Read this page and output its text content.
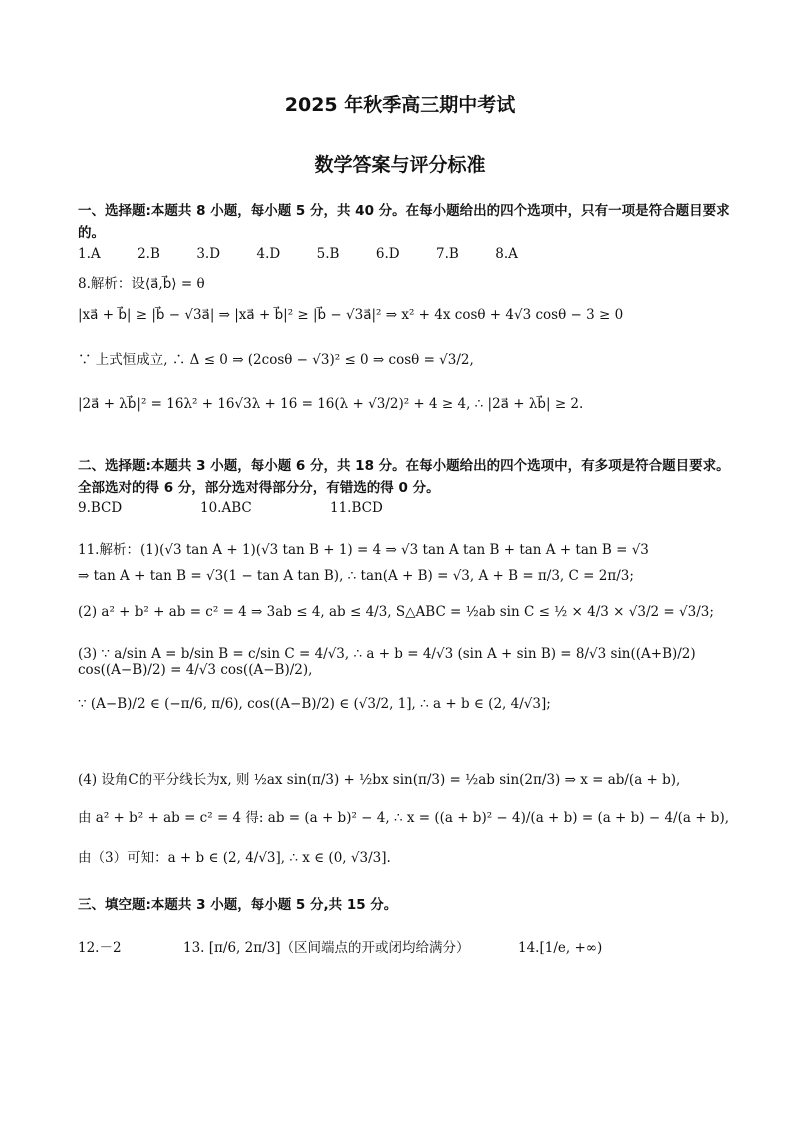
2025 年秋季高三期中考试
数学答案与评分标准
一、选择题:本题共 8 小题，每小题 5 分，共 40 分。在每小题给出的四个选项中，只有一项是符合题目要求的。
1.A	2.B	3.D	4.D	5.B	6.D	7.B	8.A
8.解析：设⟨a⃗,b⃗⟩ = θ
|xa⃗ + b⃗| ≥ |b⃗ − √3a⃗| ⇒ |xa⃗ + b⃗|² ≥ |b⃗ − √3a⃗|² ⇒ x² + 4x cosθ + 4√3 cosθ − 3 ≥ 0
∵ 上式恒成立, ∴ Δ ≤ 0 ⇒ (2cosθ − √3)² ≤ 0 ⇒ cosθ = √3/2,
|2a⃗ + λb⃗|² = 16λ² + 16√3λ + 16 = 16(λ + √3/2)² + 4 ≥ 4, ∴ |2a⃗ + λb⃗| ≥ 2.
二、选择题:本题共 3 小题，每小题 6 分，共 18 分。在每小题给出的四个选项中，有多项是符合题目要求。全部选对的得 6 分，部分选对得部分分，有错选的得 0 分。
9.BCD	10.ABC	11.BCD
11.解析：(1)(√3 tan A + 1)(√3 tan B + 1) = 4 ⇒ √3 tan A tan B + tan A + tan B = √3
⇒ tan A + tan B = √3(1 − tan A tan B), ∴ tan(A + B) = √3, A + B = π/3, C = 2π/3;
(2) a² + b² + ab = c² = 4 ⇒ 3ab ≤ 4, ab ≤ 4/3, S△ABC = ½ab sin C ≤ ½ × 4/3 × √3/2 = √3/3;
(3) ∵ a/sin A = b/sin B = c/sin C = 4/√3, ∴ a + b = 4/√3 (sin A + sin B) = 8/√3 sin((A+B)/2) cos((A−B)/2) = 4/√3 cos((A−B)/2),
∵ (A−B)/2 ∈ (−π/6, π/6), cos((A−B)/2) ∈ (√3/2, 1], ∴ a + b ∈ (2, 4/√3];
(4) 设角C的平分线长为x, 则 ½ax sin(π/3) + ½bx sin(π/3) = ½ab sin(2π/3) ⇒ x = ab/(a + b),
由 a² + b² + ab = c² = 4 得: ab = (a + b)² − 4, ∴ x = ((a + b)² − 4)/(a + b) = (a + b) − 4/(a + b),
由（3）可知：a + b ∈ (2, 4/√3], ∴ x ∈ (0, √3/3].
三、填空题:本题共 3 小题，每小题 5 分,共 15 分。
12.－2	13. [π/6, 2π/3]（区间端点的开或闭均给满分）	14.[1/e, +∞)
